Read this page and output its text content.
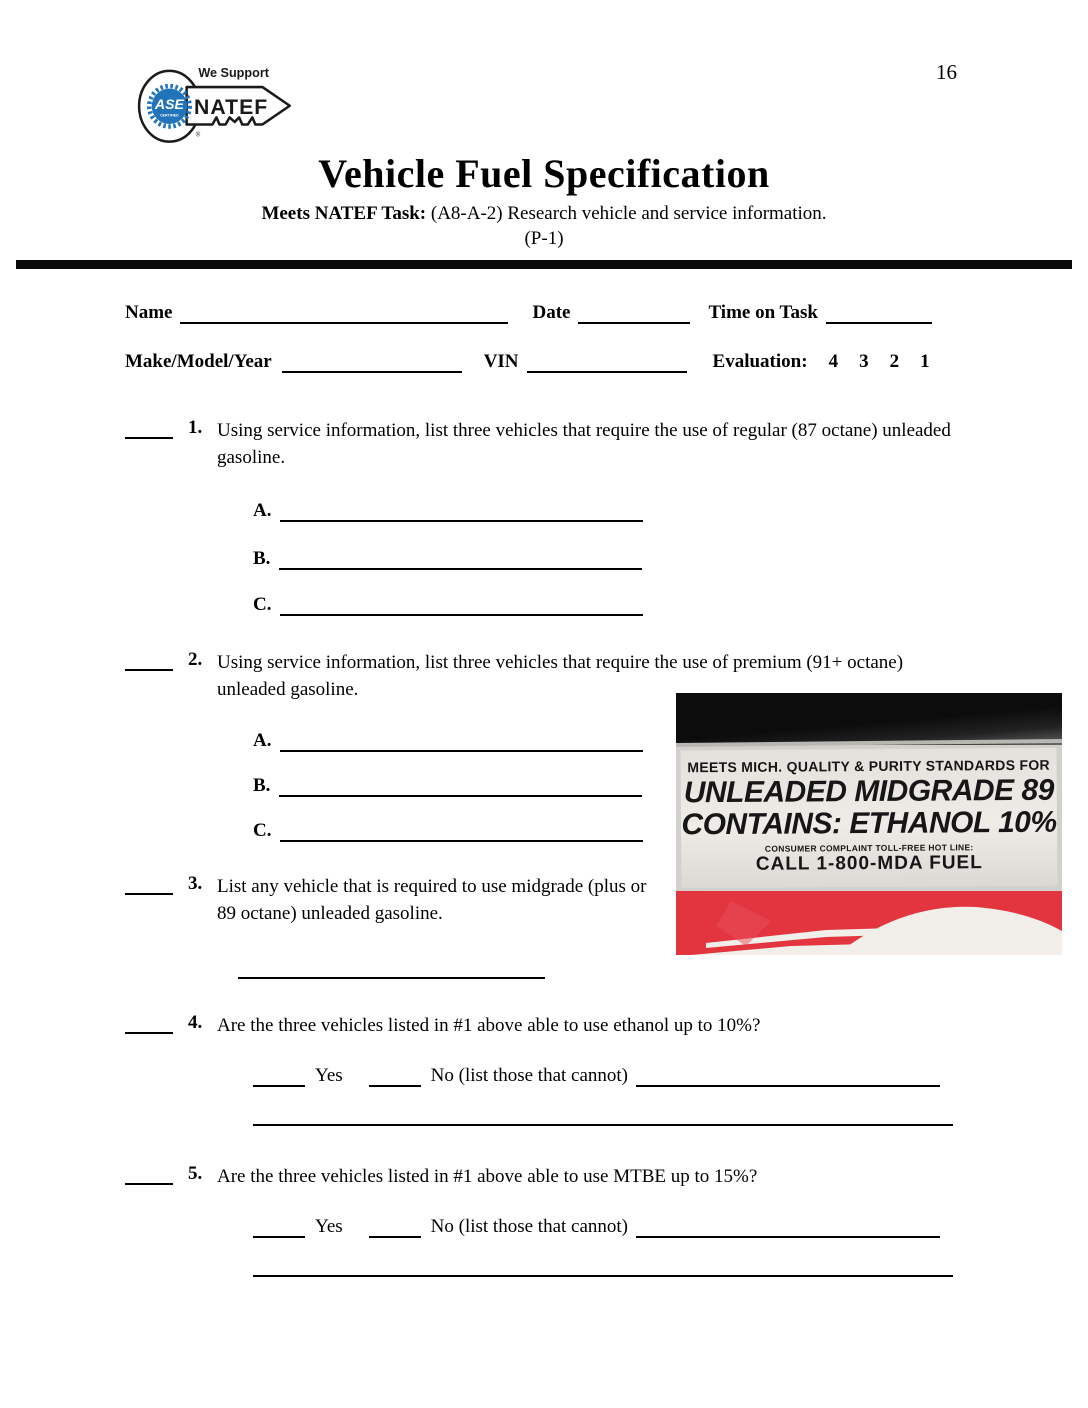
16
ASE
CERTIFIED
We Support
NATEF
®
Vehicle Fuel Specification
Meets NATEF Task: (A8-A-2) Research vehicle and service information.
(P-1)
Name	Date	Time on Task
Make/Model/Year	VIN	Evaluation: 4 3 2 1
1. Using service information, list three vehicles that require the use of regular (87 octane) unleaded gasoline.
A.
B.
C.
2. Using service information, list three vehicles that require the use of premium (91+ octane) unleaded gasoline.
A.
B.
C.
3. List any vehicle that is required to use midgrade (plus or 89 octane) unleaded gasoline.
4. Are the three vehicles listed in #1 above able to use ethanol up to 10%?
Yes	No (list those that cannot)
5. Are the three vehicles listed in #1 above able to use MTBE up to 15%?
Yes	No (list those that cannot)
MEETS MICH. QUALITY & PURITY STANDARDS FOR
UNLEADED MIDGRADE 89
CONTAINS: ETHANOL 10%
CONSUMER COMPLAINT TOLL-FREE HOT LINE:
CALL 1-800-MDA FUEL
